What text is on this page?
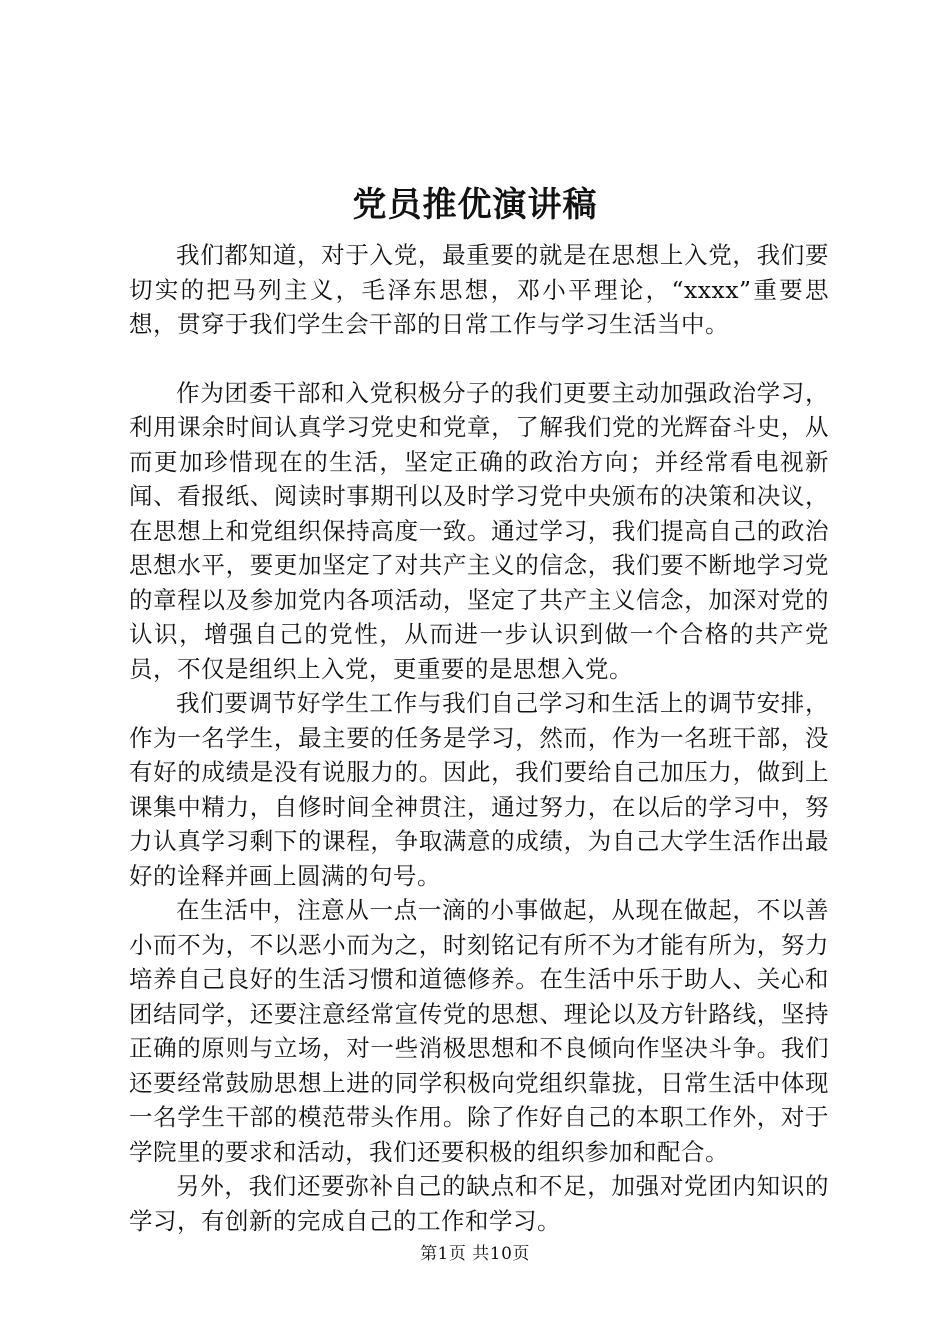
党员推优演讲稿

我们都知道，对于入党，最重要的就是在思想上入党，我们要切实的把马列主义，毛泽东思想，邓小平理论，“xxxx”重要思想，贯穿于我们学生会干部的日常工作与学习生活当中。

作为团委干部和入党积极分子的我们更要主动加强政治学习，利用课余时间认真学习党史和党章，了解我们党的光辉奋斗史，从而更加珍惜现在的生活，坚定正确的政治方向；并经常看电视新闻、看报纸、阅读时事期刊以及时学习党中央颁布的决策和决议，在思想上和党组织保持高度一致。通过学习，我们提高自己的政治思想水平，要更加坚定了对共产主义的信念，我们要不断地学习党的章程以及参加党内各项活动，坚定了共产主义信念，加深对党的认识，增强自己的党性，从而进一步认识到做一个合格的共产党员，不仅是组织上入党，更重要的是思想入党。

我们要调节好学生工作与我们自己学习和生活上的调节安排，作为一名学生，最主要的任务是学习，然而，作为一名班干部，没有好的成绩是没有说服力的。因此，我们要给自己加压力，做到上课集中精力，自修时间全神贯注，通过努力，在以后的学习中，努力认真学习剩下的课程，争取满意的成绩，为自己大学生活作出最好的诠释并画上圆满的句号。

在生活中，注意从一点一滴的小事做起，从现在做起，不以善小而不为，不以恶小而为之，时刻铭记有所不为才能有所为，努力培养自己良好的生活习惯和道德修养。在生活中乐于助人、关心和团结同学，还要注意经常宣传党的思想、理论以及方针路线，坚持正确的原则与立场，对一些消极思想和不良倾向作坚决斗争。我们还要经常鼓励思想上进的同学积极向党组织靠拢，日常生活中体现一名学生干部的模范带头作用。除了作好自己的本职工作外，对于学院里的要求和活动，我们还要积极的组织参加和配合。

另外，我们还要弥补自己的缺点和不足，加强对党团内知识的学习，有创新的完成自己的工作和学习。

第1页 共10页
